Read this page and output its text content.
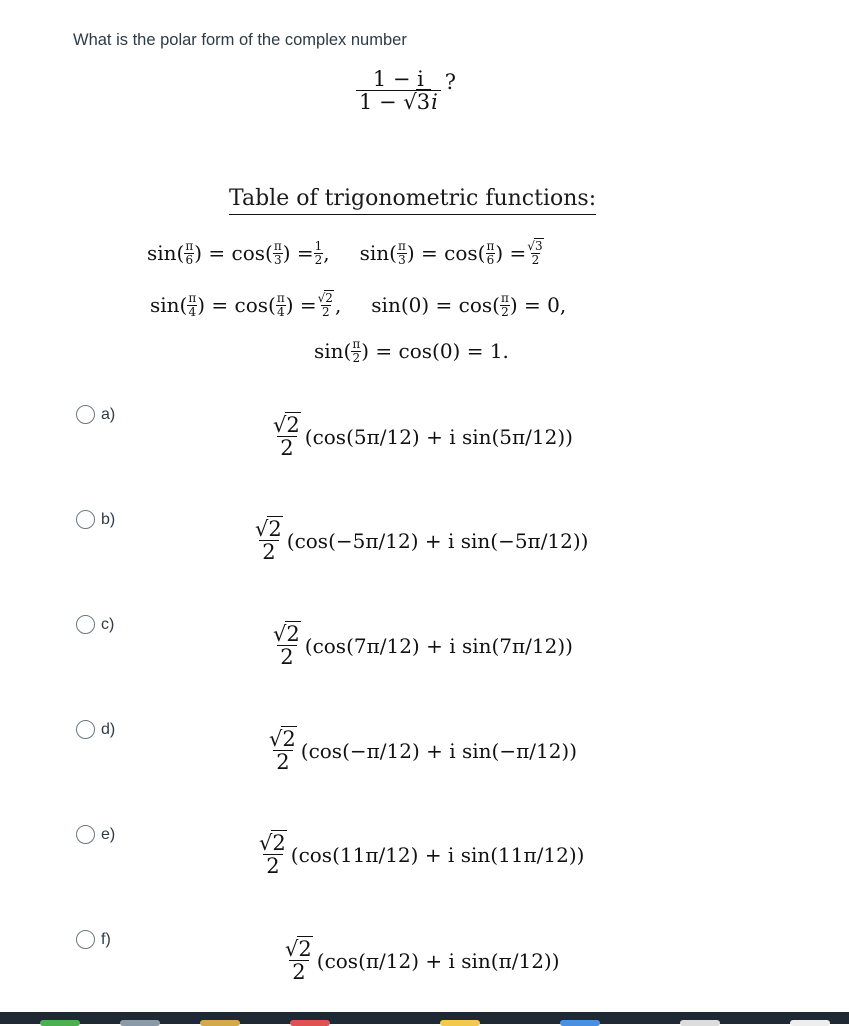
What is the polar form of the complex number
$\frac{1 - i}{1 - √3i}$ ?
Table of trigonometric functions:
$\sin( \frac{\pi}{6}$ ) = $\cos( \frac{\pi}{3}$ ) = $\frac{1}{2}$ , $\sin( \frac{\pi}{3}$ ) = $\cos( \frac{\pi}{6}$ ) = $\frac{√3}{2}$
$\sin( \frac{\pi}{4}$ ) = $\cos( \frac{\pi}{4}$ ) = $\frac{√2}{2}$ , $\sin(0) = \cos( \frac{\pi}{2}$ ) = 0,
$\sin( \frac{\pi}{2}$ ) = cos(0) = 1.
a)	$\frac{√2}{2} (\cos(5\pi/12) + i$ sin(5π/12))
b)	$\frac{√2}{2} (\cos(-5\pi/12) + i$ sin(−5π/12))
c)	$\frac{√2}{2} (\cos(7\pi/12) + i$ sin(7π/12))
d)	$\frac{√2}{2} (\cos(-\pi/12) + i$ sin(−π/12))
e)	$\frac{√2}{2} (\cos(11\pi/12) + i$ sin(11π/12))
f)	$\frac{√2}{2} (\cos(\pi/12) + i$ sin(π/12))
